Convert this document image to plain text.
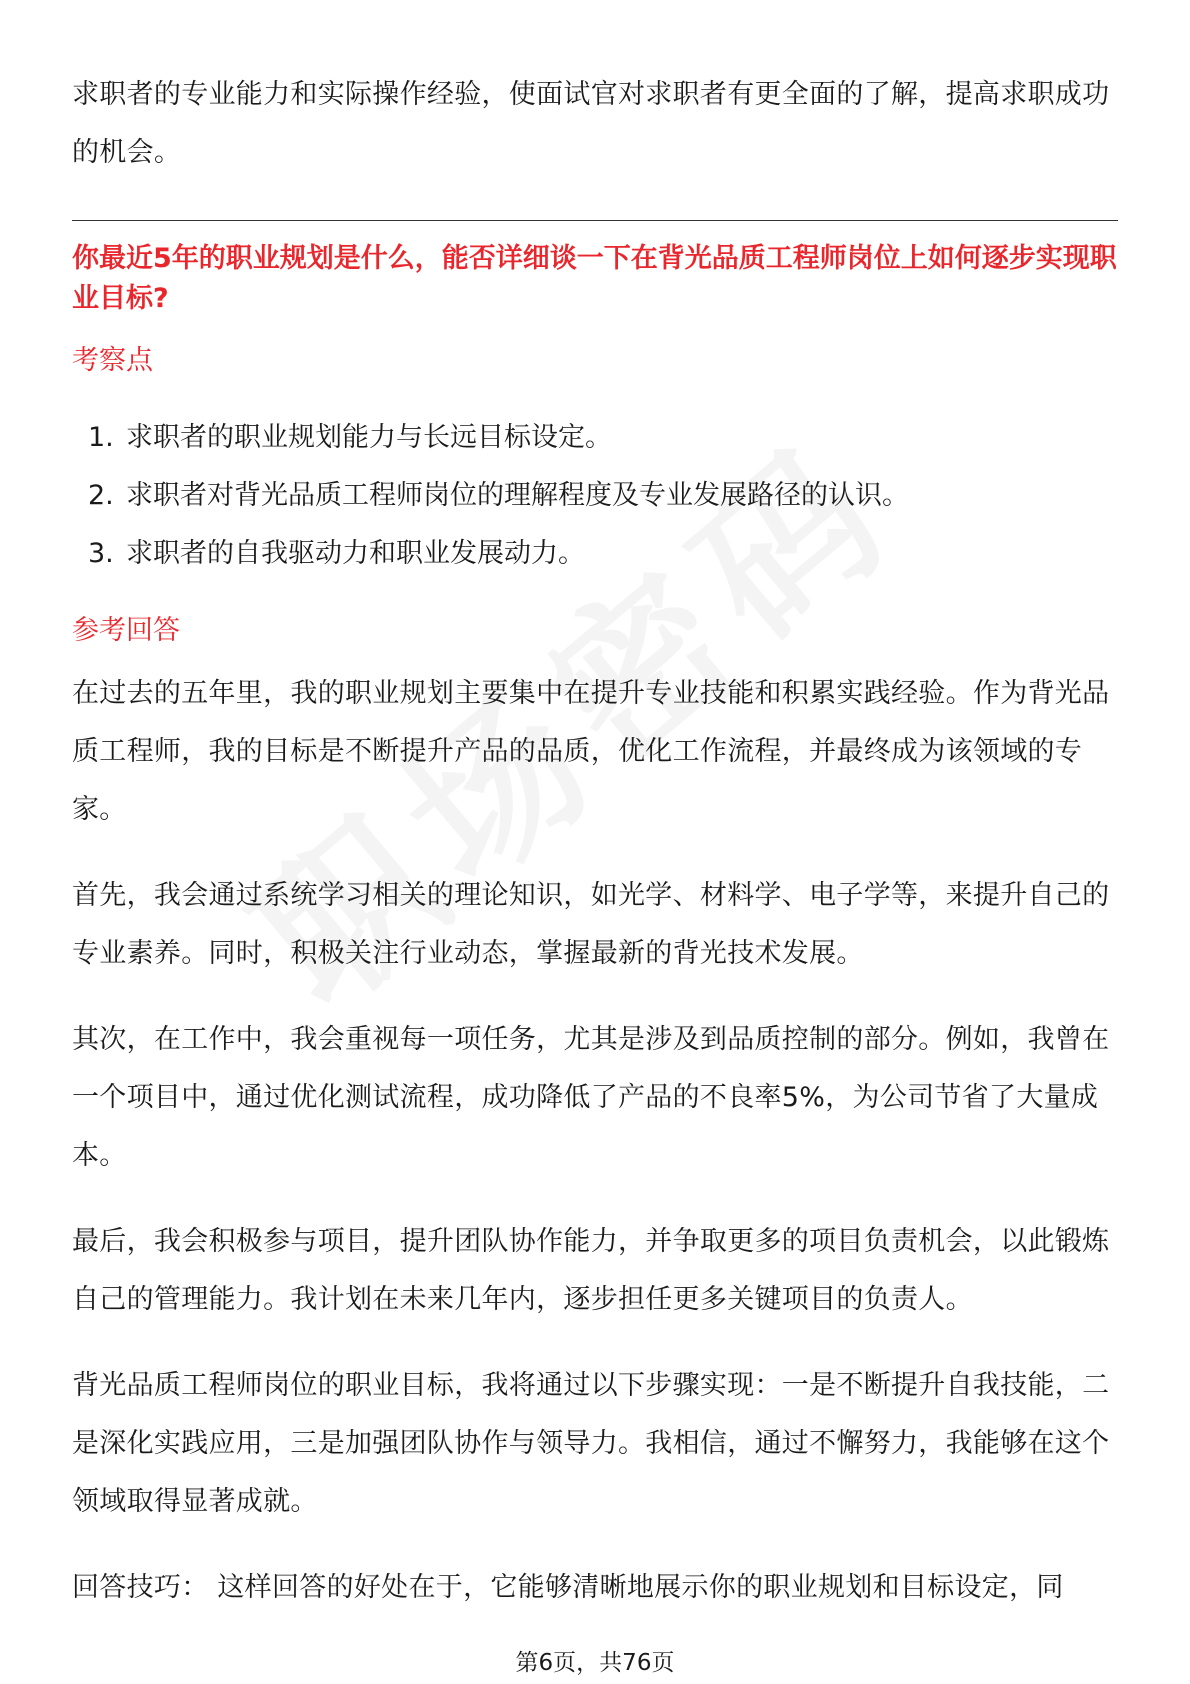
求职者的专业能力和实际操作经验，使面试官对求职者有更全面的了解，提高求职成功的机会。

你最近5年的职业规划是什么，能否详细谈一下在背光品质工程师岗位上如何逐步实现职业目标?

考察点

1. 求职者的职业规划能力与长远目标设定。
2. 求职者对背光品质工程师岗位的理解程度及专业发展路径的认识。
3. 求职者的自我驱动力和职业发展动力。

参考回答

在过去的五年里，我的职业规划主要集中在提升专业技能和积累实践经验。作为背光品质工程师，我的目标是不断提升产品的品质，优化工作流程，并最终成为该领域的专家。

首先，我会通过系统学习相关的理论知识，如光学、材料学、电子学等，来提升自己的专业素养。同时，积极关注行业动态，掌握最新的背光技术发展。

其次，在工作中，我会重视每一项任务，尤其是涉及到品质控制的部分。例如，我曾在一个项目中，通过优化测试流程，成功降低了产品的不良率5%，为公司节省了大量成本。

最后，我会积极参与项目，提升团队协作能力，并争取更多的项目负责机会，以此锻炼自己的管理能力。我计划在未来几年内，逐步担任更多关键项目的负责人。

背光品质工程师岗位的职业目标，我将通过以下步骤实现：一是不断提升自我技能，二是深化实践应用，三是加强团队协作与领导力。我相信，通过不懈努力，我能够在这个领域取得显著成就。

回答技巧： 这样回答的好处在于，它能够清晰地展示你的职业规划和目标设定，同

第6页，共76页
